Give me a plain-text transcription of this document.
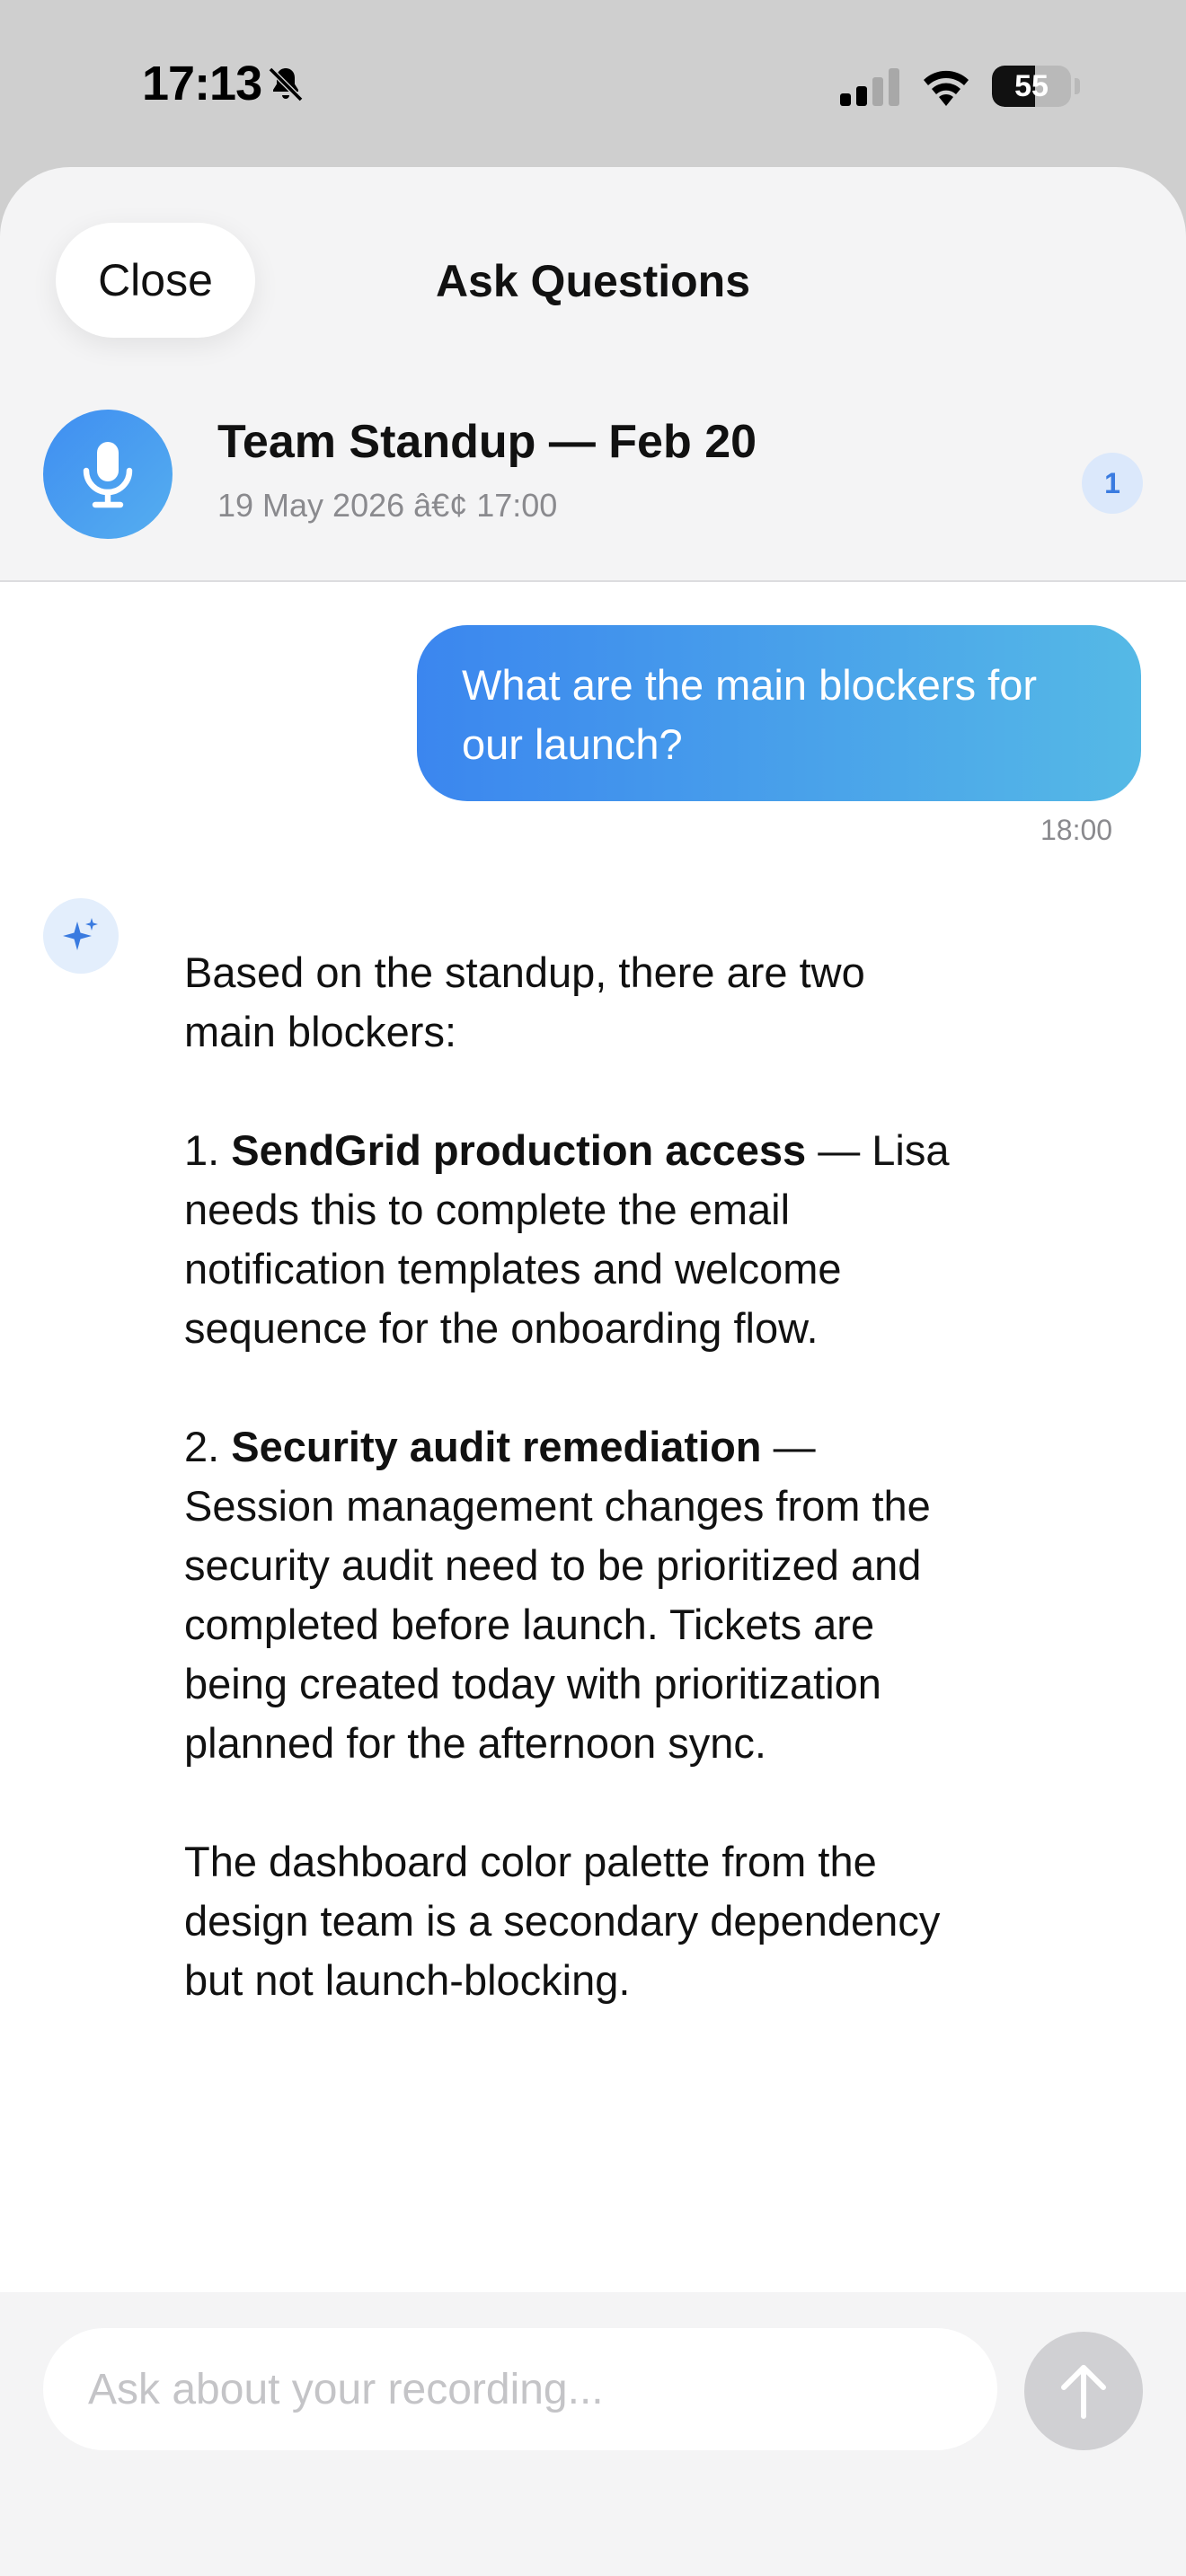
17:13	55
Close	Ask Questions
Team Standup — Feb 20
19 May 2026 â€¢ 17:00
1
What are the main blockers for our launch?
18:00

Based on the standup, there are two main blockers:

1. SendGrid production access — Lisa needs this to complete the email notification templates and welcome sequence for the onboarding flow.

2. Security audit remediation — Session management changes from the security audit need to be prioritized and completed before launch. Tickets are being created today with prioritization planned for the afternoon sync.

The dashboard color palette from the design team is a secondary dependency but not launch-blocking.

Ask about your recording...
